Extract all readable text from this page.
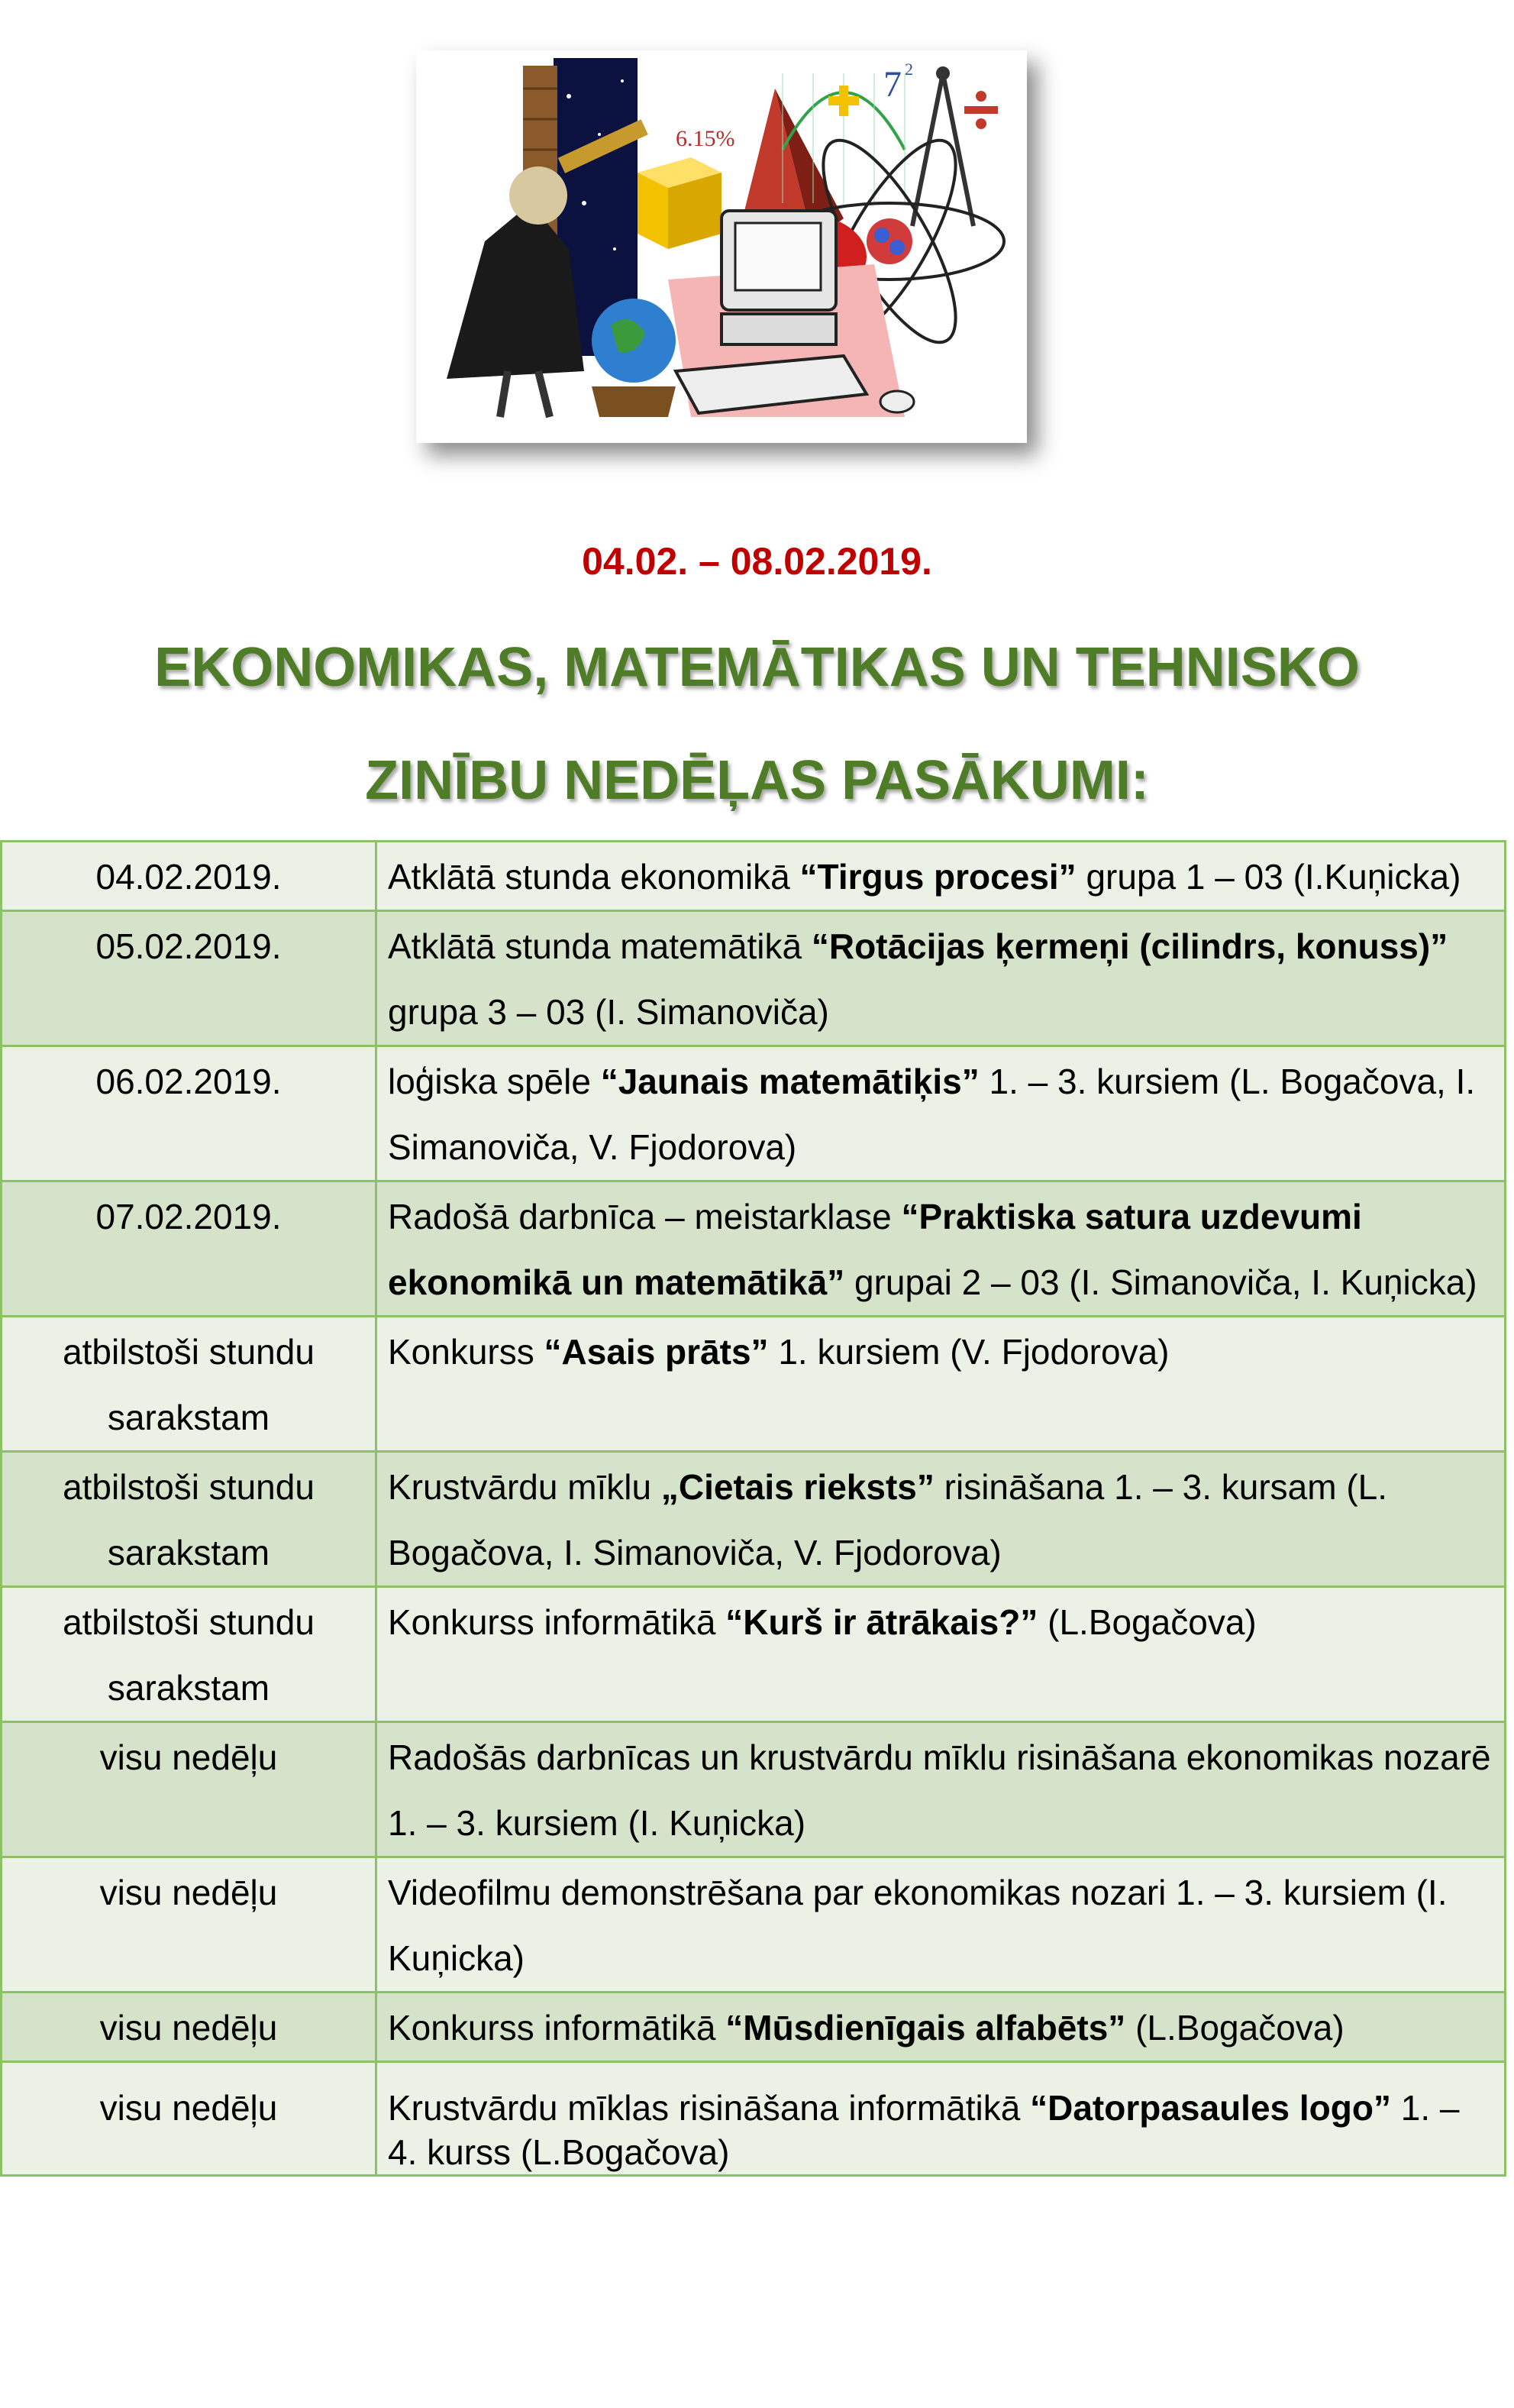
6.15%
7 2
04.02. – 08.02.2019.
EKONOMIKAS, MATEMĀTIKAS UN TEHNISKO
ZINĪBU NEDĒĻAS PASĀKUMI:
04.02.2019.	Atklātā stunda ekonomikā “Tirgus procesi” grupa 1 – 03 (I.Kuņicka)
05.02.2019.	Atklātā stunda matemātikā “Rotācijas ķermeņi (cilindrs, konuss)” grupa 3 – 03 (I. Simanoviča)
06.02.2019.	loģiska spēle “Jaunais matemātiķis” 1. – 3. kursiem (L. Bogačova, I. Simanoviča, V. Fjodorova)
07.02.2019.	Radošā darbnīca – meistarklase “Praktiska satura uzdevumi ekonomikā un matemātikā” grupai 2 – 03 (I. Simanoviča, I. Kuņicka)
atbilstoši stundu sarakstam	Konkurss “Asais prāts” 1. kursiem (V. Fjodorova)
atbilstoši stundu sarakstam	Krustvārdu mīklu „Cietais rieksts” risināšana 1. – 3. kursam (L. Bogačova, I. Simanoviča, V. Fjodorova)
atbilstoši stundu sarakstam	Konkurss informātikā “Kurš ir ātrākais?” (L.Bogačova)
visu nedēļu	Radošās darbnīcas un krustvārdu mīklu risināšana ekonomikas nozarē 1. – 3. kursiem (I. Kuņicka)
visu nedēļu	Videofilmu demonstrēšana par ekonomikas nozari 1. – 3. kursiem (I. Kuņicka)
visu nedēļu	Konkurss informātikā “Mūsdienīgais alfabēts” (L.Bogačova)
visu nedēļu	Krustvārdu mīklas risināšana informātikā “Datorpasaules logo” 1. – 4. kurss (L.Bogačova)
